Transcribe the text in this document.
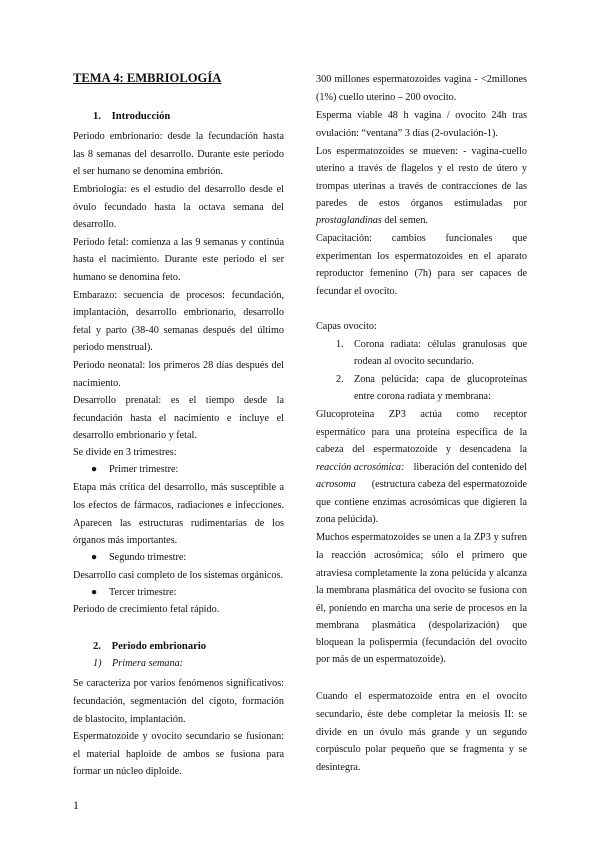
TEMA 4: EMBRIOLOGÍA
1. Introducción
Periodo embrionario: desde la fecundación hasta
las 8 semanas del desarrollo. Durante este periodo
el ser humano se denomina embrión.
Embriología: es el estudio del desarrollo desde el
óvulo fecundado hasta la octava semana del
desarrollo.
Periodo fetal: comienza a las 9 semanas y continúa
hasta el nacimiento. Durante este periodo el ser
humano se denomina feto.
Embarazo: secuencia de procesos: fecundación,
implantación, desarrollo embrionario, desarrollo
fetal y parto (38-40 semanas después del último
periodo menstrual).
Periodo neonatal: los primeros 28 días después del
nacimiento.
Desarrollo prenatal: es el tiempo desde la
fecundación hasta el nacimiento e incluye el
desarrollo embrionario y fetal.
Se divide en 3 trimestres:
● Primer trimestre:
Etapa más crítica del desarrollo, más susceptible a
los efectos de fármacos, radiaciones e infecciones.
Aparecen las estructuras rudimentarias de los
órganos más importantes.
● Segundo trimestre:
Desarrollo casi completo de los sistemas orgánicos.
● Tercer trimestre:
Periodo de crecimiento fetal rápido.
2. Periodo embrionario
1) Primera semana:
Se caracteriza por varios fenómenos significativos:
fecundación, segmentación del cigoto, formación
de blastocito, implantación.
Espermatozoide y ovocito secundario se fusionan:
el material haploide de ambos se fusiona para
formar un núcleo diploide.
300 millones espermatozoides vagina - <2millones
(1%) cuello uterino – 200 ovocito.
Esperma viable 48 h vagina / ovocito 24h tras
ovulación: “ventana” 3 días (2-ovulación-1).
Los espermatozoides se mueven: - vagina-cuello
uterino a través de flagelos y el resto de útero y
trompas uterinas a través de contracciones de las
paredes de estos órganos estimuladas por
prostaglandinas del semen.
Capacitación: cambios funcionales que
experimentan los espermatozoides en el aparato
reproductor femenino (7h) para ser capaces de
fecundar el ovocito.
Capas ovocito:
1. Corona radiata: células granulosas que
rodean al ovocito secundario.
2. Zona pelúcida: capa de glucoproteínas
entre corona radiata y membrana:
Glucoproteína ZP3 actúa como receptor
espermático para una proteína específica de la
cabeza del espermatozoide y desencadena la
reacción acrosómica: liberación del contenido del
acrosoma (estructura cabeza del espermatozoide
que contiene enzimas acrosómicas que digieren la
zona pelúcida).
Muchos espermatozoides se unen a la ZP3 y sufren
la reacción acrosómica; sólo el primero que
atraviesa completamente la zona pelúcida y alcanza
la membrana plasmática del ovocito se fusiona con
él, poniendo en marcha una serie de procesos en la
membrana plasmática (despolarización) que
bloquean la polispermia (fecundación del ovocito
por más de un espermatozoide).
Cuando el espermatozoide entra en el ovocito
secundario, éste debe completar la meiosis II: se
divide en un óvulo más grande y un segundo
corpúsculo polar pequeño que se fragmenta y se
desintegra.
1
